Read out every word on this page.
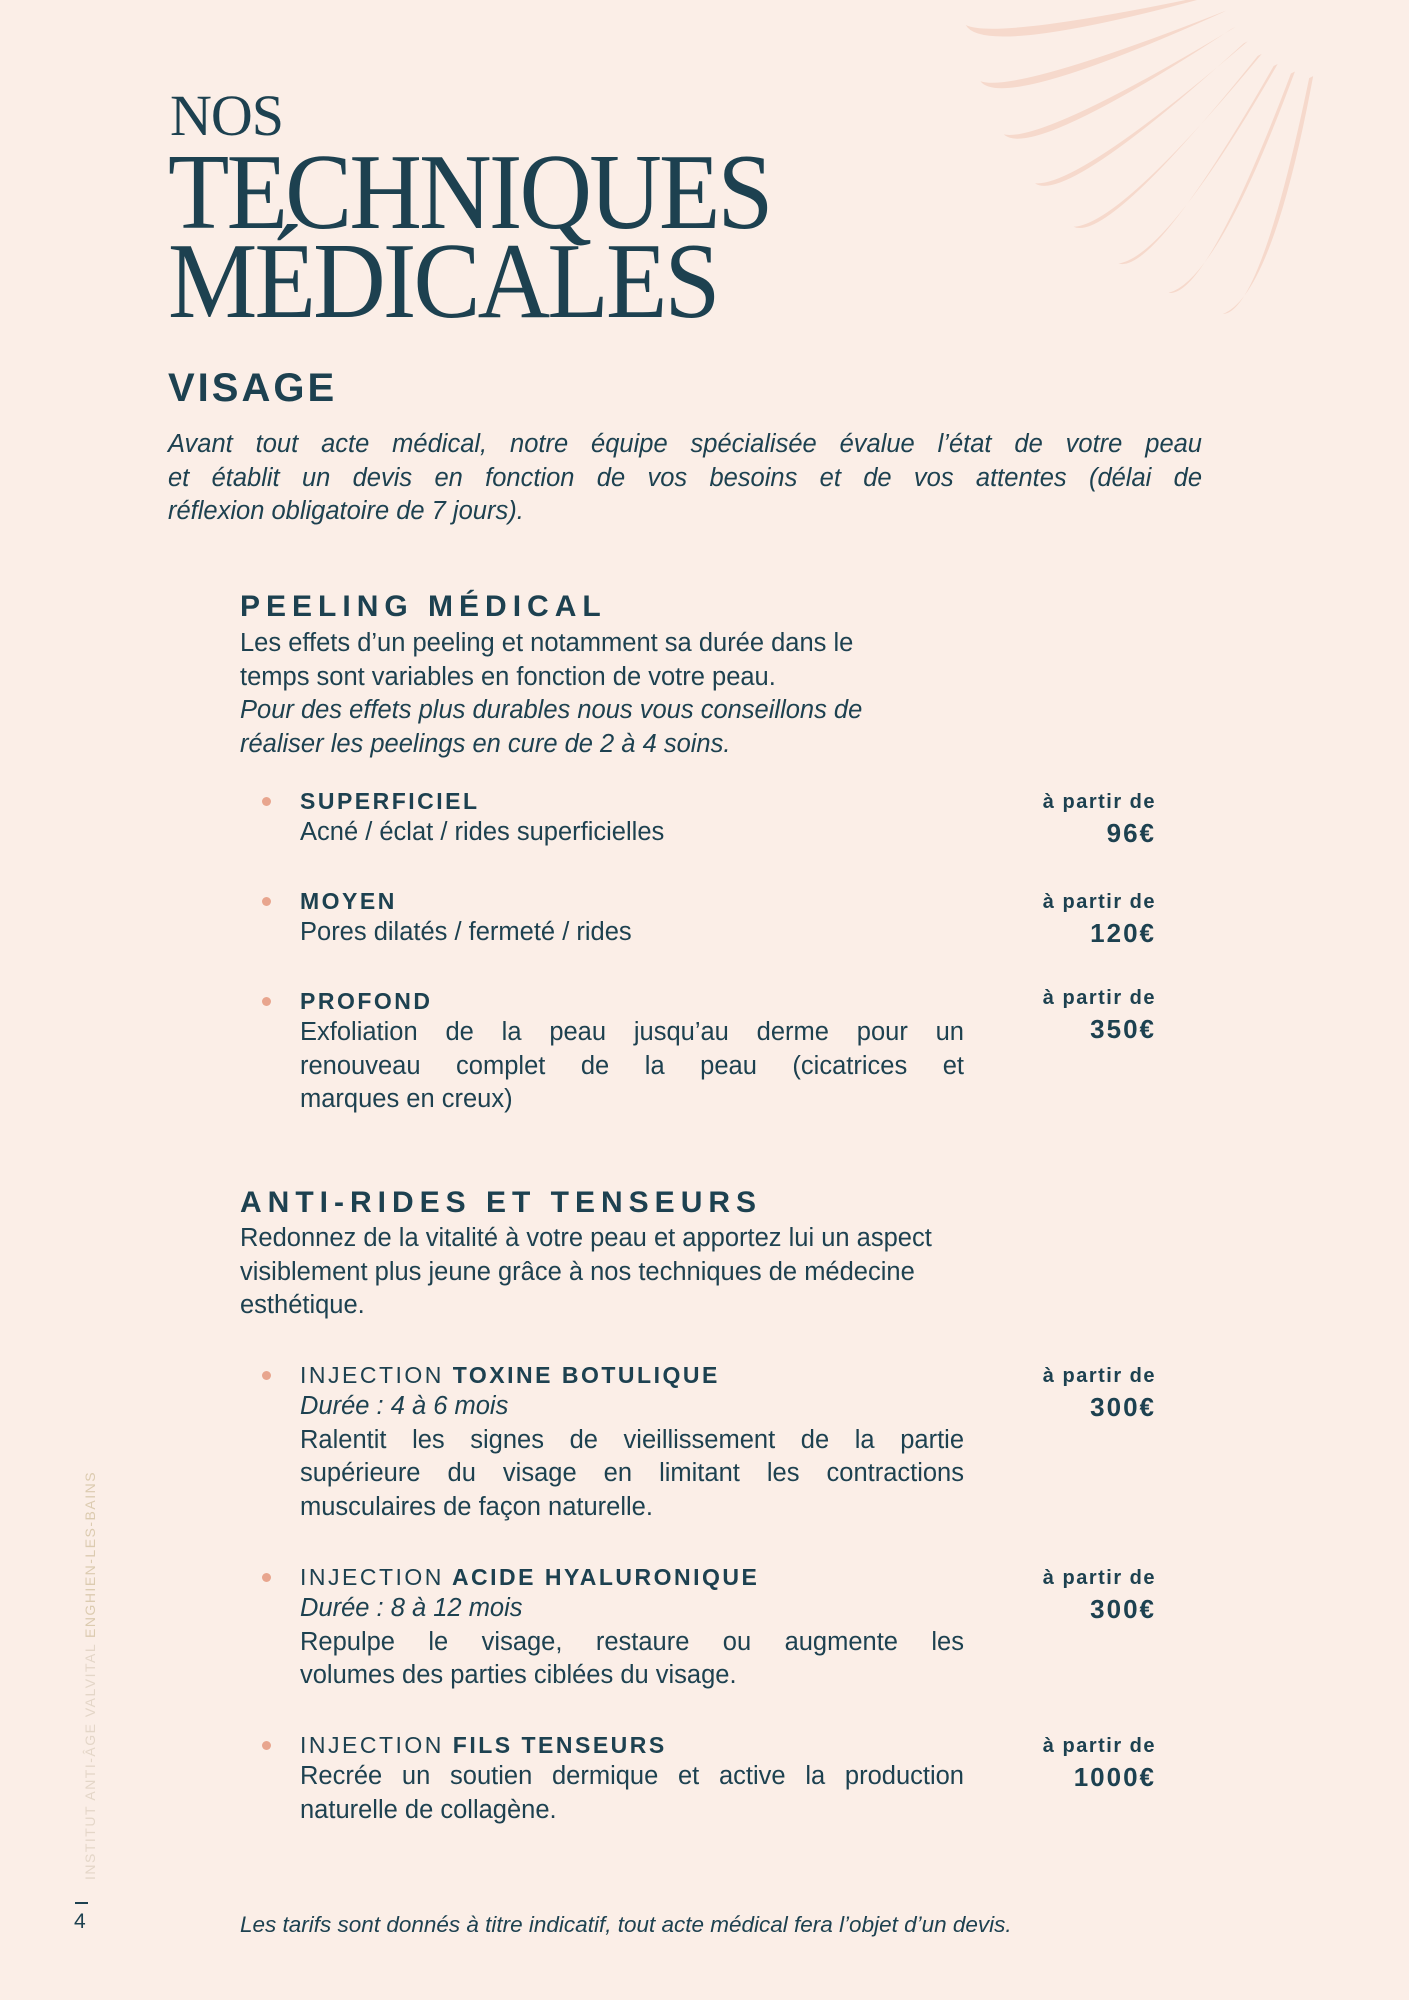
NOS
TECHNIQUES
MÉDICALES
VISAGE
Avant tout acte médical, notre équipe spécialisée évalue l’état de votre peau
et établit un devis en fonction de vos besoins et de vos attentes (délai de
réflexion obligatoire de 7 jours).
PEELING MÉDICAL
Les effets d’un peeling et notamment sa durée dans le
temps sont variables en fonction de votre peau.
Pour des effets plus durables nous vous conseillons de
réaliser les peelings en cure de 2 à 4 soins.
SUPERFICIEL
Acné / éclat / rides superficielles
à partir de
96€
MOYEN
Pores dilatés / fermeté / rides
à partir de
120€
PROFOND
Exfoliation de la peau jusqu’au derme pour un
renouveau complet de la peau (cicatrices et
marques en creux)
à partir de
350€
ANTI-RIDES ET TENSEURS
Redonnez de la vitalité à votre peau et apportez lui un aspect
visiblement plus jeune grâce à nos techniques de médecine
esthétique.
INJECTION TOXINE BOTULIQUE
Durée : 4 à 6 mois
Ralentit les signes de vieillissement de la partie
supérieure du visage en limitant les contractions
musculaires de façon naturelle.
à partir de
300€
INJECTION ACIDE HYALURONIQUE
Durée : 8 à 12 mois
Repulpe le visage, restaure ou augmente les
volumes des parties ciblées du visage.
à partir de
300€
INJECTION FILS TENSEURS
Recrée un soutien dermique et active la production
naturelle de collagène.
à partir de
1000€
INSTITUT ANTI-ÂGE VALVITAL ENGHIEN-LES-BAINS
4	Les tarifs sont donnés à titre indicatif, tout acte médical fera l’objet d’un devis.
